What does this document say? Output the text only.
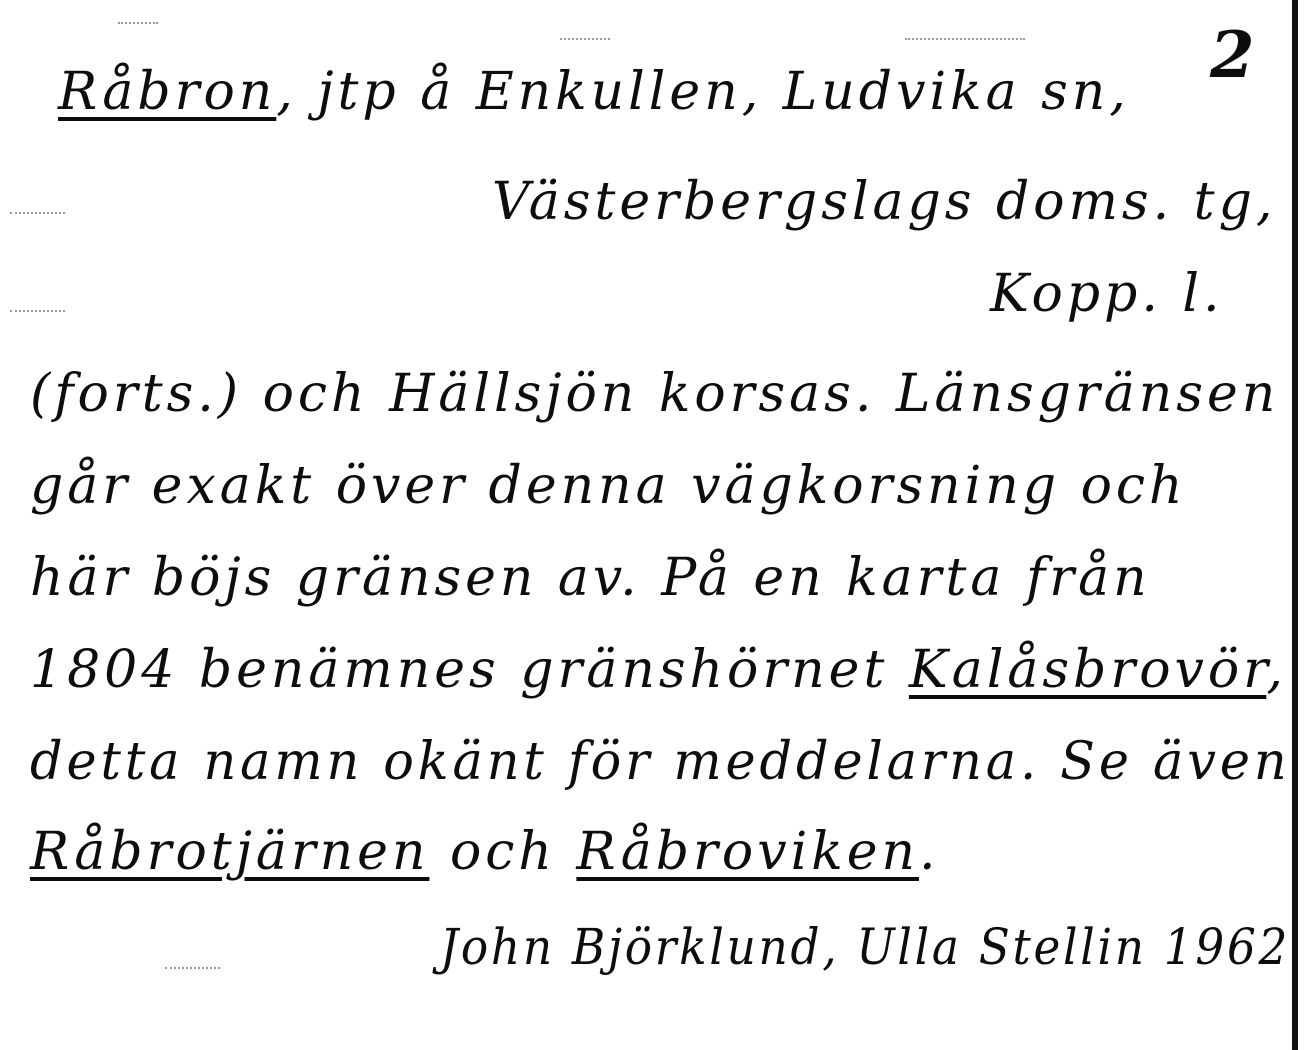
2
Råbron, jtp å Enkullen, Ludvika sn,
Västerbergslags doms. tg,
Kopp. l.
(forts.) och Hällsjön korsas. Länsgränsen
går exakt över denna vägkorsning och
här böjs gränsen av. På en karta från
1804 benämnes gränshörnet Kalåsbrovör,
detta namn okänt för meddelarna. Se även
Råbrotjärnen och Råbroviken.
John Björklund, Ulla Stellin 1962
